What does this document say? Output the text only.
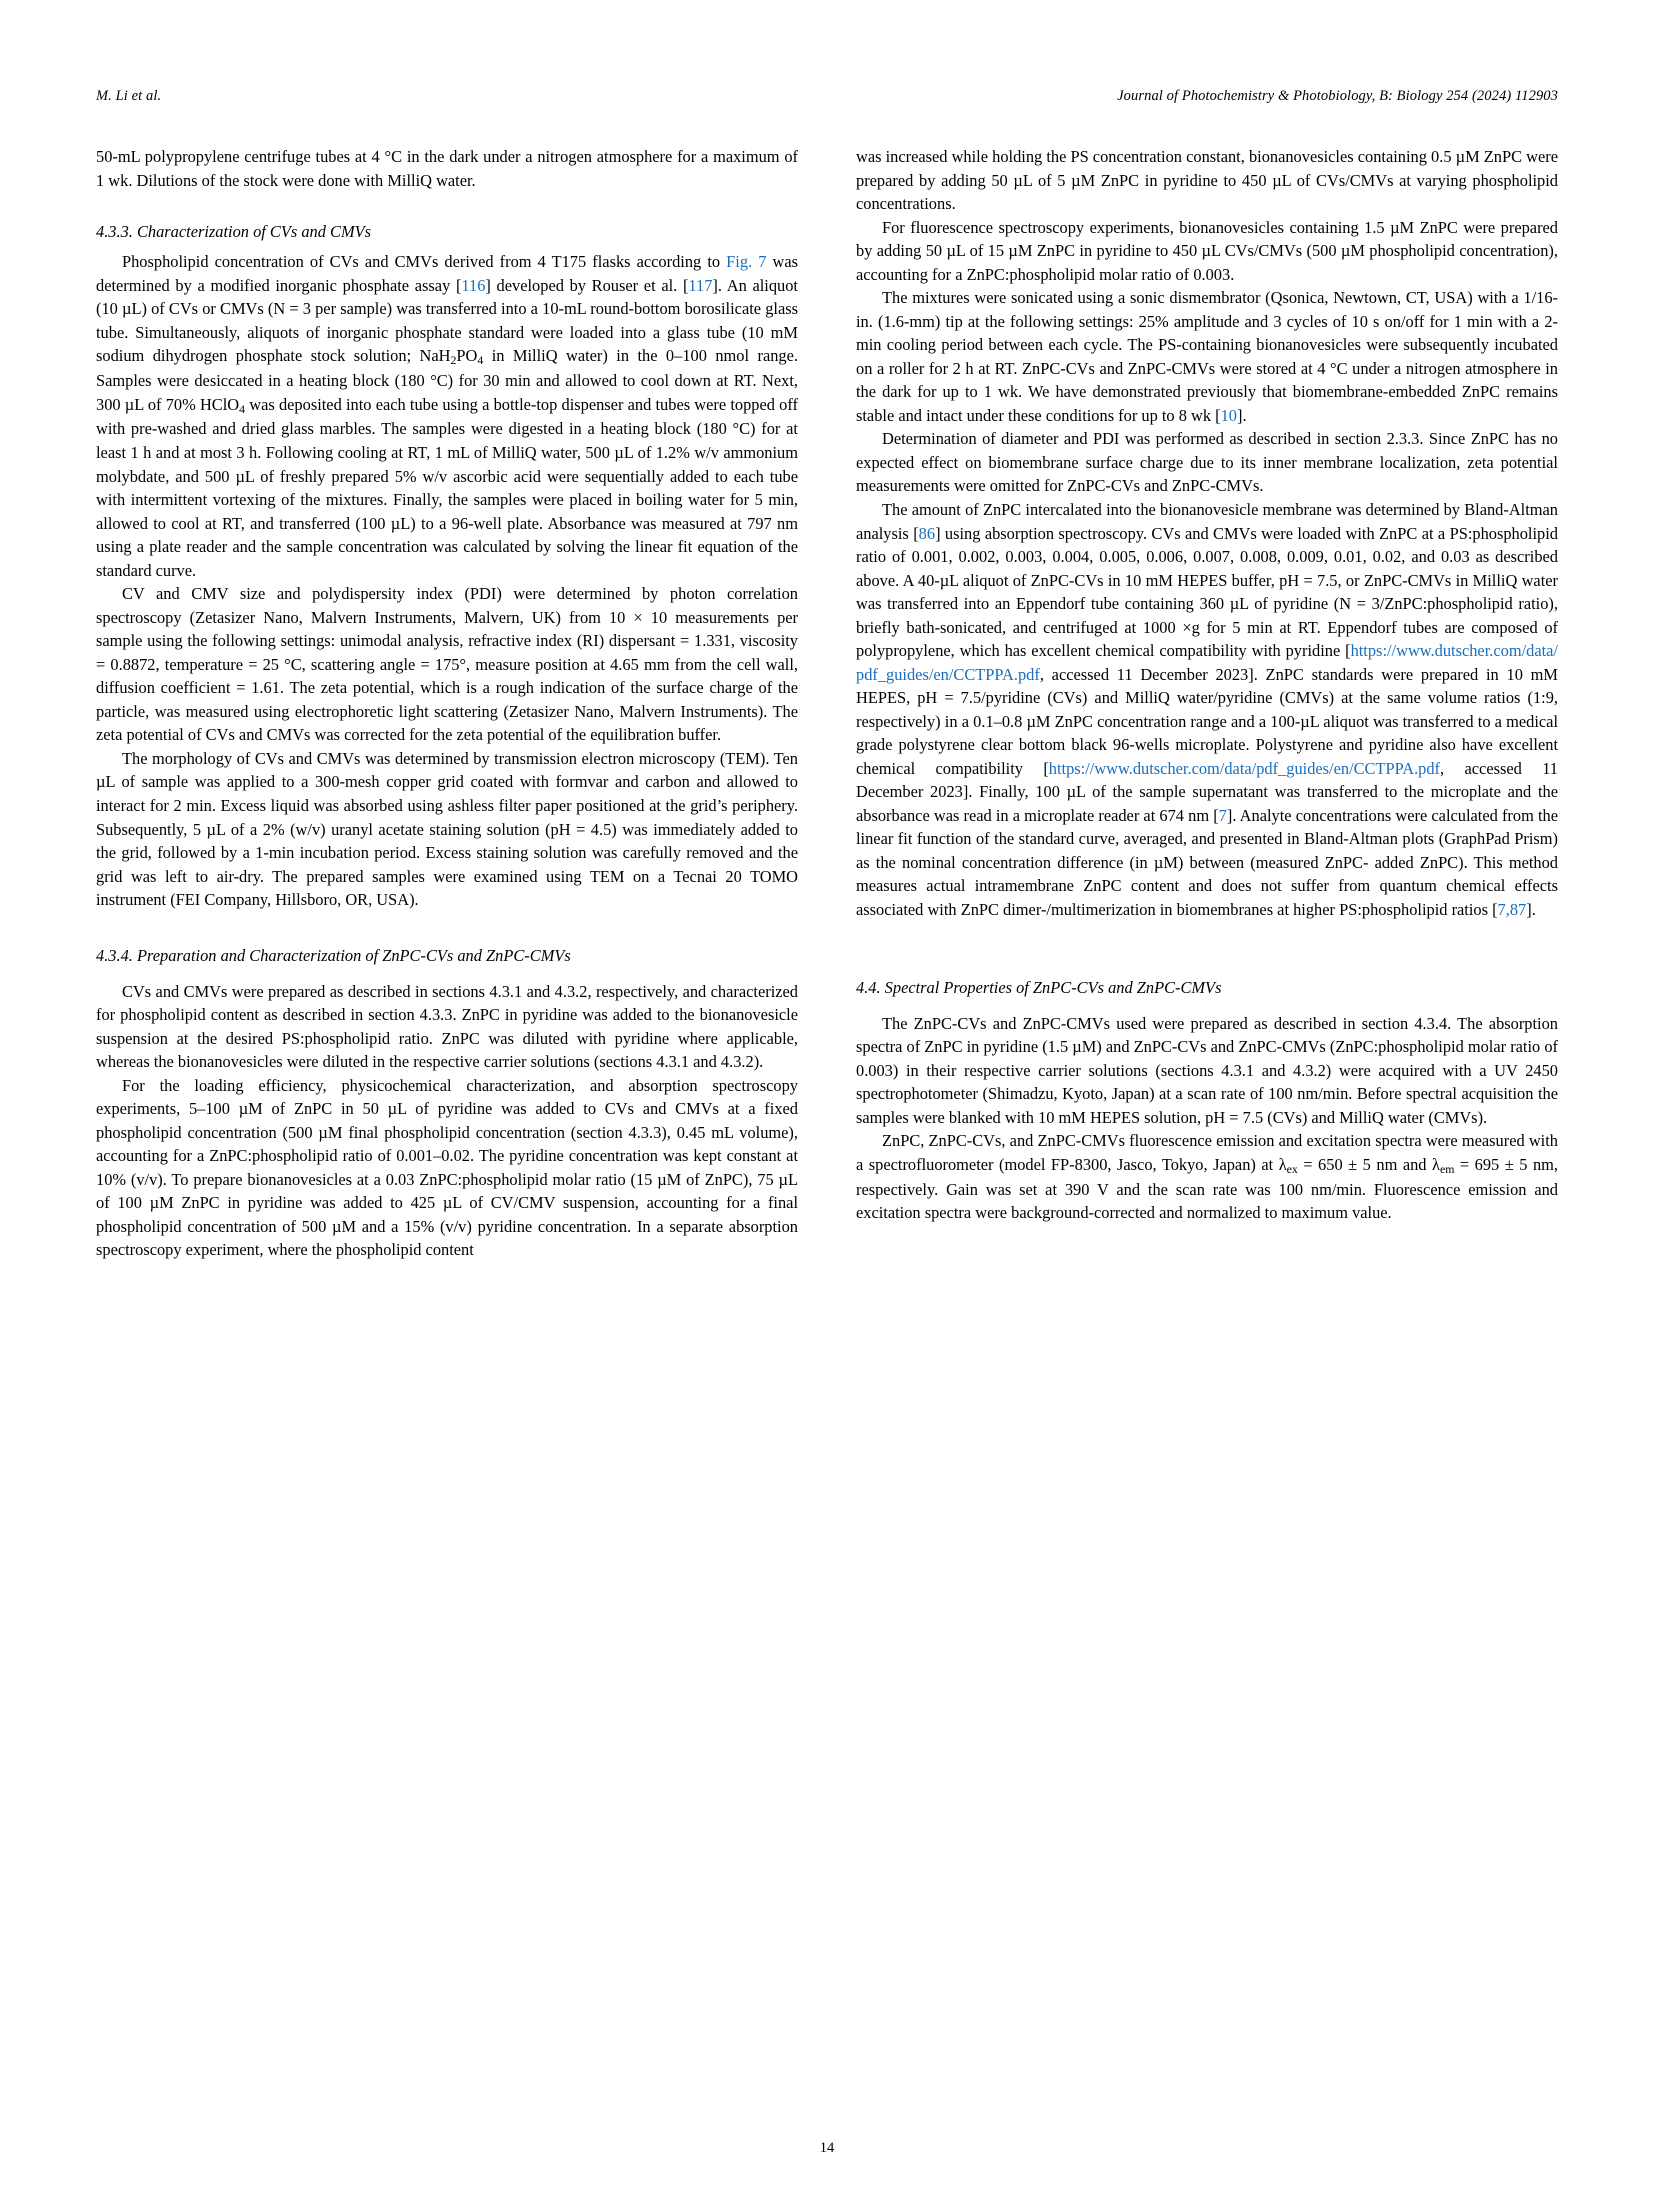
M. Li et al.	Journal of Photochemistry & Photobiology, B: Biology 254 (2024) 112903

50-mL polypropylene centrifuge tubes at 4 °C in the dark under a nitrogen atmosphere for a maximum of 1 wk. Dilutions of the stock were done with MilliQ water.

4.3.3. Characterization of CVs and CMVs

Phospholipid concentration of CVs and CMVs derived from 4 T175 flasks according to Fig. 7 was determined by a modified inorganic phosphate assay [116] developed by Rouser et al. [117]. An aliquot (10 µL) of CVs or CMVs (N = 3 per sample) was transferred into a 10-mL round-bottom borosilicate glass tube. Simultaneously, aliquots of inorganic phosphate standard were loaded into a glass tube (10 mM sodium dihydrogen phosphate stock solution; $NaH_2PO_4$ in MilliQ water) in the 0–100 nmol range. Samples were desiccated in a heating block (180 °C) for 30 min and allowed to cool down at RT. Next, 300 µL of 70% HClO$_4$ was deposited into each tube using a bottle-top dispenser and tubes were topped off with pre-washed and dried glass marbles. The samples were digested in a heating block (180 °C) for at least 1 h and at most 3 h. Following cooling at RT, 1 mL of MilliQ water, 500 µL of 1.2% w/v ammonium molybdate, and 500 µL of freshly prepared 5% w/v ascorbic acid were sequentially added to each tube with intermittent vortexing of the mixtures. Finally, the samples were placed in boiling water for 5 min, allowed to cool at RT, and transferred (100 µL) to a 96-well plate. Absorbance was measured at 797 nm using a plate reader and the sample concentration was calculated by solving the linear fit equation of the standard curve.

CV and CMV size and polydispersity index (PDI) were determined by photon correlation spectroscopy (Zetasizer Nano, Malvern Instruments, Malvern, UK) from 10 × 10 measurements per sample using the following settings: unimodal analysis, refractive index (RI) dispersant = 1.331, viscosity = 0.8872, temperature = 25 °C, scattering angle = 175°, measure position at 4.65 mm from the cell wall, diffusion coefficient = 1.61. The zeta potential, which is a rough indication of the surface charge of the particle, was measured using electrophoretic light scattering (Zetasizer Nano, Malvern Instruments). The zeta potential of CVs and CMVs was corrected for the zeta potential of the equilibration buffer.

The morphology of CVs and CMVs was determined by transmission electron microscopy (TEM). Ten µL of sample was applied to a 300-mesh copper grid coated with formvar and carbon and allowed to interact for 2 min. Excess liquid was absorbed using ashless filter paper positioned at the grid’s periphery. Subsequently, 5 µL of a 2% (w/v) uranyl acetate staining solution (pH = 4.5) was immediately added to the grid, followed by a 1-min incubation period. Excess staining solution was carefully removed and the grid was left to air-dry. The prepared samples were examined using TEM on a Tecnai 20 TOMO instrument (FEI Company, Hillsboro, OR, USA).

4.3.4. Preparation and Characterization of ZnPC-CVs and ZnPC-CMVs

CVs and CMVs were prepared as described in sections 4.3.1 and 4.3.2, respectively, and characterized for phospholipid content as described in section 4.3.3. ZnPC in pyridine was added to the bionanovesicle suspension at the desired PS:phospholipid ratio. ZnPC was diluted with pyridine where applicable, whereas the bionanovesicles were diluted in the respective carrier solutions (sections 4.3.1 and 4.3.2).

For the loading efficiency, physicochemical characterization, and absorption spectroscopy experiments, 5–100 µM of ZnPC in 50 µL of pyridine was added to CVs and CMVs at a fixed phospholipid concentration (500 µM final phospholipid concentration (section 4.3.3), 0.45 mL volume), accounting for a ZnPC:phospholipid ratio of 0.001–0.02. The pyridine concentration was kept constant at 10% (v/v). To prepare bionanovesicles at a 0.03 ZnPC:phospholipid molar ratio (15 µM of ZnPC), 75 µL of 100 µM ZnPC in pyridine was added to 425 µL of CV/CMV suspension, accounting for a final phospholipid concentration of 500 µM and a 15% (v/v) pyridine concentration. In a separate absorption spectroscopy experiment, where the phospholipid content

was increased while holding the PS concentration constant, bionanovesicles containing 0.5 µM ZnPC were prepared by adding 50 µL of 5 µM ZnPC in pyridine to 450 µL of CVs/CMVs at varying phospholipid concentrations.

For fluorescence spectroscopy experiments, bionanovesicles containing 1.5 µM ZnPC were prepared by adding 50 µL of 15 µM ZnPC in pyridine to 450 µL CVs/CMVs (500 µM phospholipid concentration), accounting for a ZnPC:phospholipid molar ratio of 0.003.

The mixtures were sonicated using a sonic dismembrator (Qsonica, Newtown, CT, USA) with a 1/16-in. (1.6-mm) tip at the following settings: 25% amplitude and 3 cycles of 10 s on/off for 1 min with a 2-min cooling period between each cycle. The PS-containing bionanovesicles were subsequently incubated on a roller for 2 h at RT. ZnPC-CVs and ZnPC-CMVs were stored at 4 °C under a nitrogen atmosphere in the dark for up to 1 wk. We have demonstrated previously that biomembrane-embedded ZnPC remains stable and intact under these conditions for up to 8 wk [10].

Determination of diameter and PDI was performed as described in section 2.3.3. Since ZnPC has no expected effect on biomembrane surface charge due to its inner membrane localization, zeta potential measurements were omitted for ZnPC-CVs and ZnPC-CMVs.

The amount of ZnPC intercalated into the bionanovesicle membrane was determined by Bland-Altman analysis [86] using absorption spectroscopy. CVs and CMVs were loaded with ZnPC at a PS:phospholipid ratio of 0.001, 0.002, 0.003, 0.004, 0.005, 0.006, 0.007, 0.008, 0.009, 0.01, 0.02, and 0.03 as described above. A 40-µL aliquot of ZnPC-CVs in 10 mM HEPES buffer, pH = 7.5, or ZnPC-CMVs in MilliQ water was transferred into an Eppendorf tube containing 360 µL of pyridine (N = 3/ZnPC:phospholipid ratio), briefly bath-sonicated, and centrifuged at 1000 ×g for 5 min at RT. Eppendorf tubes are composed of polypropylene, which has excellent chemical compatibility with pyridine [https://www.dutscher.com/data/pdf_guides/en/CCTPPA.pdf, accessed 11 December 2023]. ZnPC standards were prepared in 10 mM HEPES, pH = 7.5/pyridine (CVs) and MilliQ water/pyridine (CMVs) at the same volume ratios (1:9, respectively) in a 0.1–0.8 µM ZnPC concentration range and a 100-µL aliquot was transferred to a medical grade polystyrene clear bottom black 96-wells microplate. Polystyrene and pyridine also have excellent chemical compatibility [https://www.dutscher.com/data/pdf_guides/en/CCTPPA.pdf, accessed 11 December 2023]. Finally, 100 µL of the sample supernatant was transferred to the microplate and the absorbance was read in a microplate reader at 674 nm [7]. Analyte concentrations were calculated from the linear fit function of the standard curve, averaged, and presented in Bland-Altman plots (GraphPad Prism) as the nominal concentration difference (in µM) between (measured ZnPC- added ZnPC). This method measures actual intramembrane ZnPC content and does not suffer from quantum chemical effects associated with ZnPC dimer-/multimerization in biomembranes at higher PS:phospholipid ratios [7,87].

4.4. Spectral Properties of ZnPC-CVs and ZnPC-CMVs

The ZnPC-CVs and ZnPC-CMVs used were prepared as described in section 4.3.4. The absorption spectra of ZnPC in pyridine (1.5 µM) and ZnPC-CVs and ZnPC-CMVs (ZnPC:phospholipid molar ratio of 0.003) in their respective carrier solutions (sections 4.3.1 and 4.3.2) were acquired with a UV 2450 spectrophotometer (Shimadzu, Kyoto, Japan) at a scan rate of 100 nm/min. Before spectral acquisition the samples were blanked with 10 mM HEPES solution, pH = 7.5 (CVs) and MilliQ water (CMVs).

ZnPC, ZnPC-CVs, and ZnPC-CMVs fluorescence emission and excitation spectra were measured with a spectrofluorometer (model FP-8300, Jasco, Tokyo, Japan) at $\lambda_{ex} = 650 \pm 5$ nm and $\lambda_{em} = 695 \pm 5$ nm, respectively. Gain was set at 390 V and the scan rate was 100 nm/min. Fluorescence emission and excitation spectra were background-corrected and normalized to maximum value.

14
